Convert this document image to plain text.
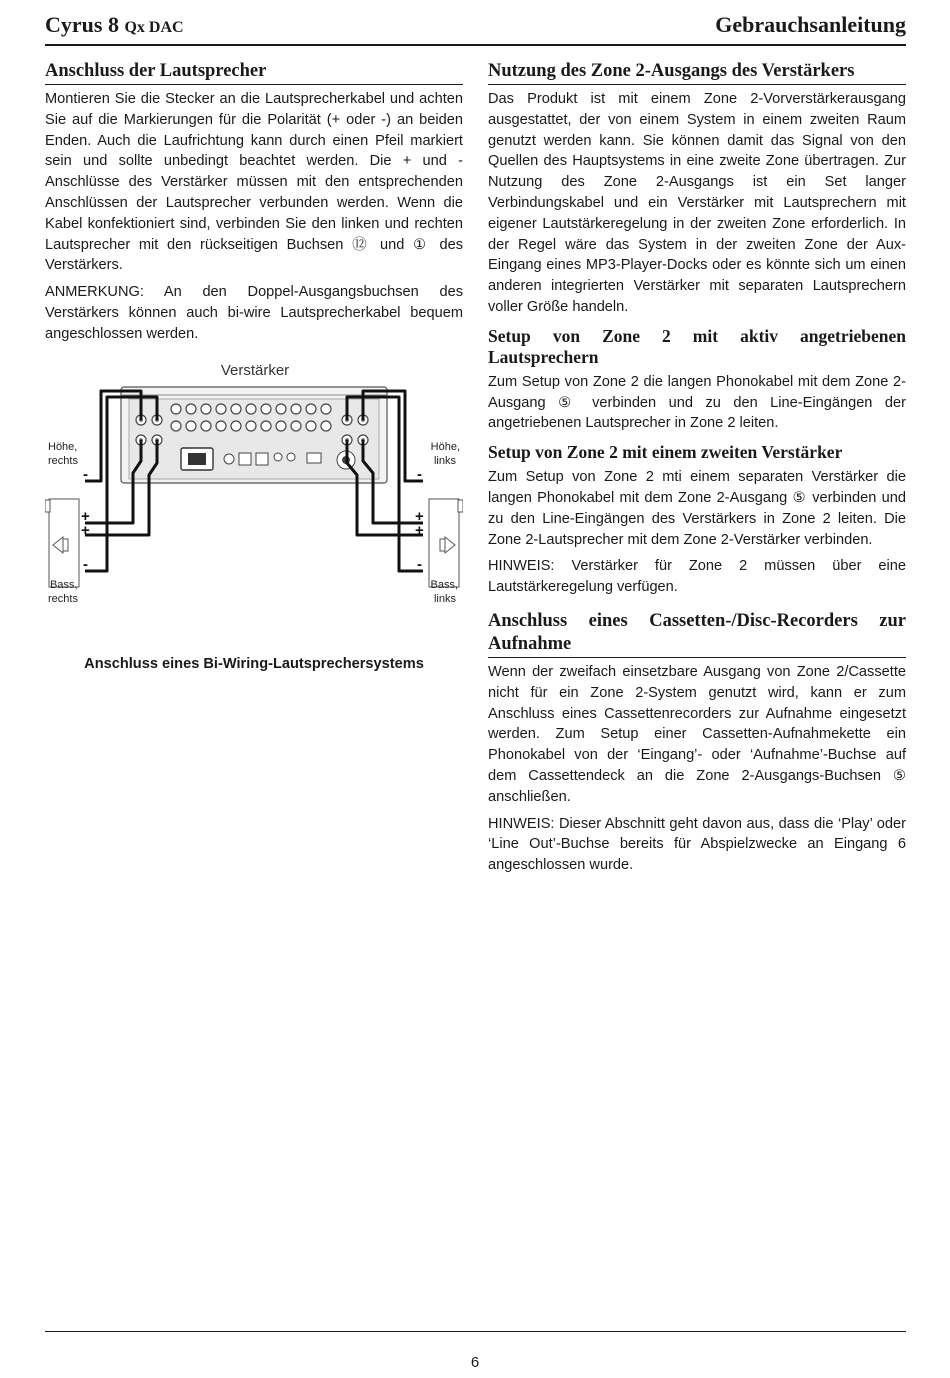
Cyrus 8 Qx DAC	Gebrauchsanleitung
Anschluss der Lautsprecher

Montieren Sie die Stecker an die Lautsprecherkabel und achten Sie auf die Markierungen für die Polarität (+ oder -) an beiden Enden. Auch die Laufrichtung kann durch einen Pfeil markiert sein und sollte unbedingt beachtet werden. Die + und - Anschlüsse des Verstärker müssen mit den entsprechenden Anschlüssen der Lautsprecher verbunden werden. Wenn die Kabel konfektioniert sind, verbinden Sie den linken und rechten Lautsprecher mit den rückseitigen Buchsen ⑫ und ① des Verstärkers.

ANMERKUNG: An den Doppel-Ausgangsbuchsen des Verstärkers können auch bi-wire Lautsprecherkabel bequem angeschlossen werden.

Verstärker
-
+
+
-
-
+
+
-
Höhe,
rechts
Höhe,
links
Bass,
rechts
Bass,
links
Anschluss eines Bi-Wiring-Lautsprechersystems
Nutzung des Zone 2-Ausgangs des Verstärkers

Das Produkt ist mit einem Zone 2-Vorverstärkerausgang ausgestattet, der von einem System in einem zweiten Raum genutzt werden kann. Sie können damit das Signal von den Quellen des Hauptsystems in eine zweite Zone übertragen. Zur Nutzung des Zone 2-Ausgangs ist ein Set langer Verbindungskabel und ein Verstärker mit Lautsprechern mit eigener Lautstärkeregelung in der zweiten Zone erforderlich. In der Regel wäre das System in der zweiten Zone der Aux-Eingang eines MP3-Player-Docks oder es könnte sich um einen anderen integrierten Verstärker mit separaten Lautsprechern voller Größe handeln.

Setup von Zone 2 mit aktiv angetriebenen Lautsprechern

Zum Setup von Zone 2 die langen Phonokabel mit dem Zone 2-Ausgang ⑤ verbinden und zu den Line-Eingängen der angetriebenen Lautsprecher in Zone 2 leiten.

Setup von Zone 2 mit einem zweiten Verstärker

Zum Setup von Zone 2 mti einem separaten Verstärker die langen Phonokabel mit dem Zone 2-Ausgang ⑤ verbinden und zu den Line-Eingängen des Verstärkers in Zone 2 leiten. Die Zone 2-Lautsprecher mit dem Zone 2-Verstärker verbinden.

HINWEIS: Verstärker für Zone 2 müssen über eine Lautstärkeregelung verfügen.

Anschluss eines Cassetten-/Disc-Recorders zur Aufnahme

Wenn der zweifach einsetzbare Ausgang von Zone 2/Cassette nicht für ein Zone 2-System genutzt wird, kann er zum Anschluss eines Cassettenrecorders zur Aufnahme eingesetzt werden. Zum Setup einer Cassetten-Aufnahmekette ein Phonokabel von der ‘Eingang’- oder ‘Aufnahme’-Buchse auf dem Cassettendeck an die Zone 2-Ausgangs-Buchsen ⑤ anschließen.

HINWEIS: Dieser Abschnitt geht davon aus, dass die ‘Play’ oder ‘Line Out’-Buchse bereits für Abspielzwecke an Eingang 6 angeschlossen wurde.

6
